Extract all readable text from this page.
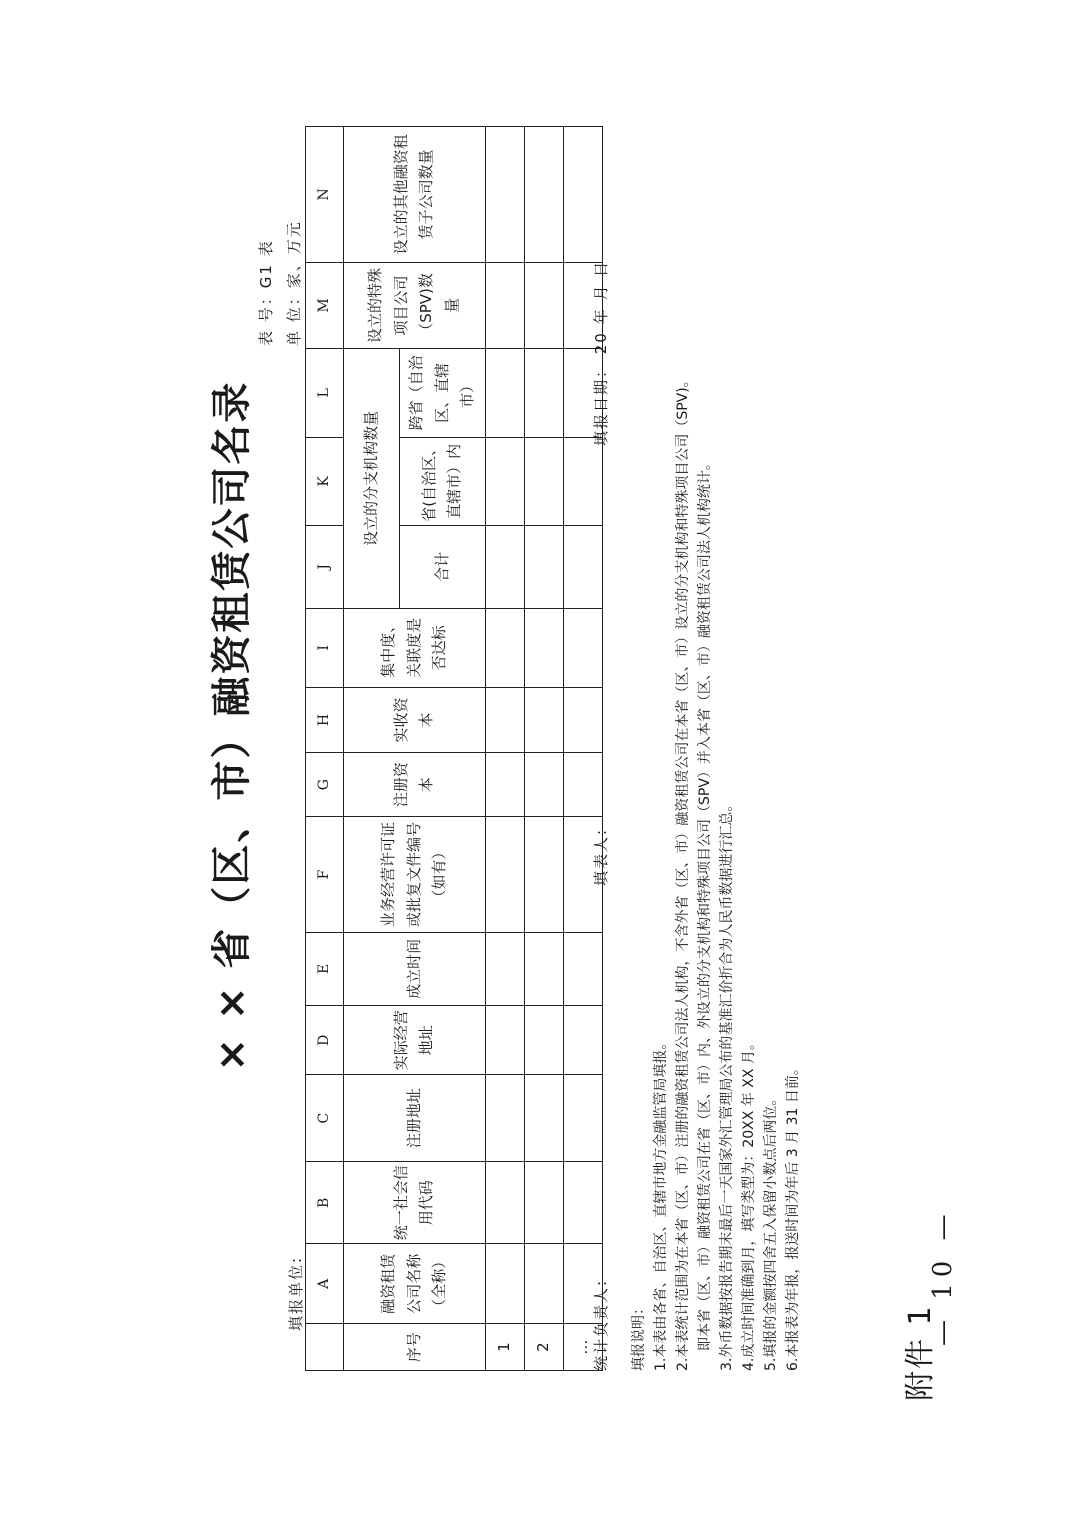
附件 1
× × 省（区、市）融资租赁公司名录
表 号：G1 表 单 位：家、万元
填报单位:
	A	B	C	D	E	F	G	H	I	J	K	L	M	N
序号	融资租赁公司名称（全称）	统一社会信用代码	注册地址	实际经营地址	成立时间	业务经营许可证或批复文件编号（如有）	注册资本	实收资本	集中度、关联度是否达标	设立的分支机构数量			设立的特殊项目公司（SPV)数量	设立的其他融资租赁子公司数量
										合计	省(自治区、直辖市）内	跨省（自治区、直辖市）		
1														
2														
…														统计负责人:
填表人:
填报日期： 20 年 月 日
填报说明： 1.本表由各省、自治区、直辖市地方金融监管局填报。 2.本表统计范围为在本省（区、市）注册的融资租赁公司法人机构，不含外省（区、市）融资租赁公司在本省（区、市）设立的分支机构和特殊项目公司（SPV)。 即本省（区、市）融资租赁公司在省（区、市）内、外设立的分支机构和特殊项目公司（SPV）并入本省（区、市）融资租赁公司法人机构统计。 3.外币数据按报告期末最后一天国家外汇管理局公布的基准汇价折合为人民币数据进行汇总。 4.成立时间准确到月，填写类型为：20XX 年 XX 月。 5.填报的金额按四舍五入保留小数点后两位。 6.本报表为年报，报送时间为年后 3 月 31 日前。	— 10 —
